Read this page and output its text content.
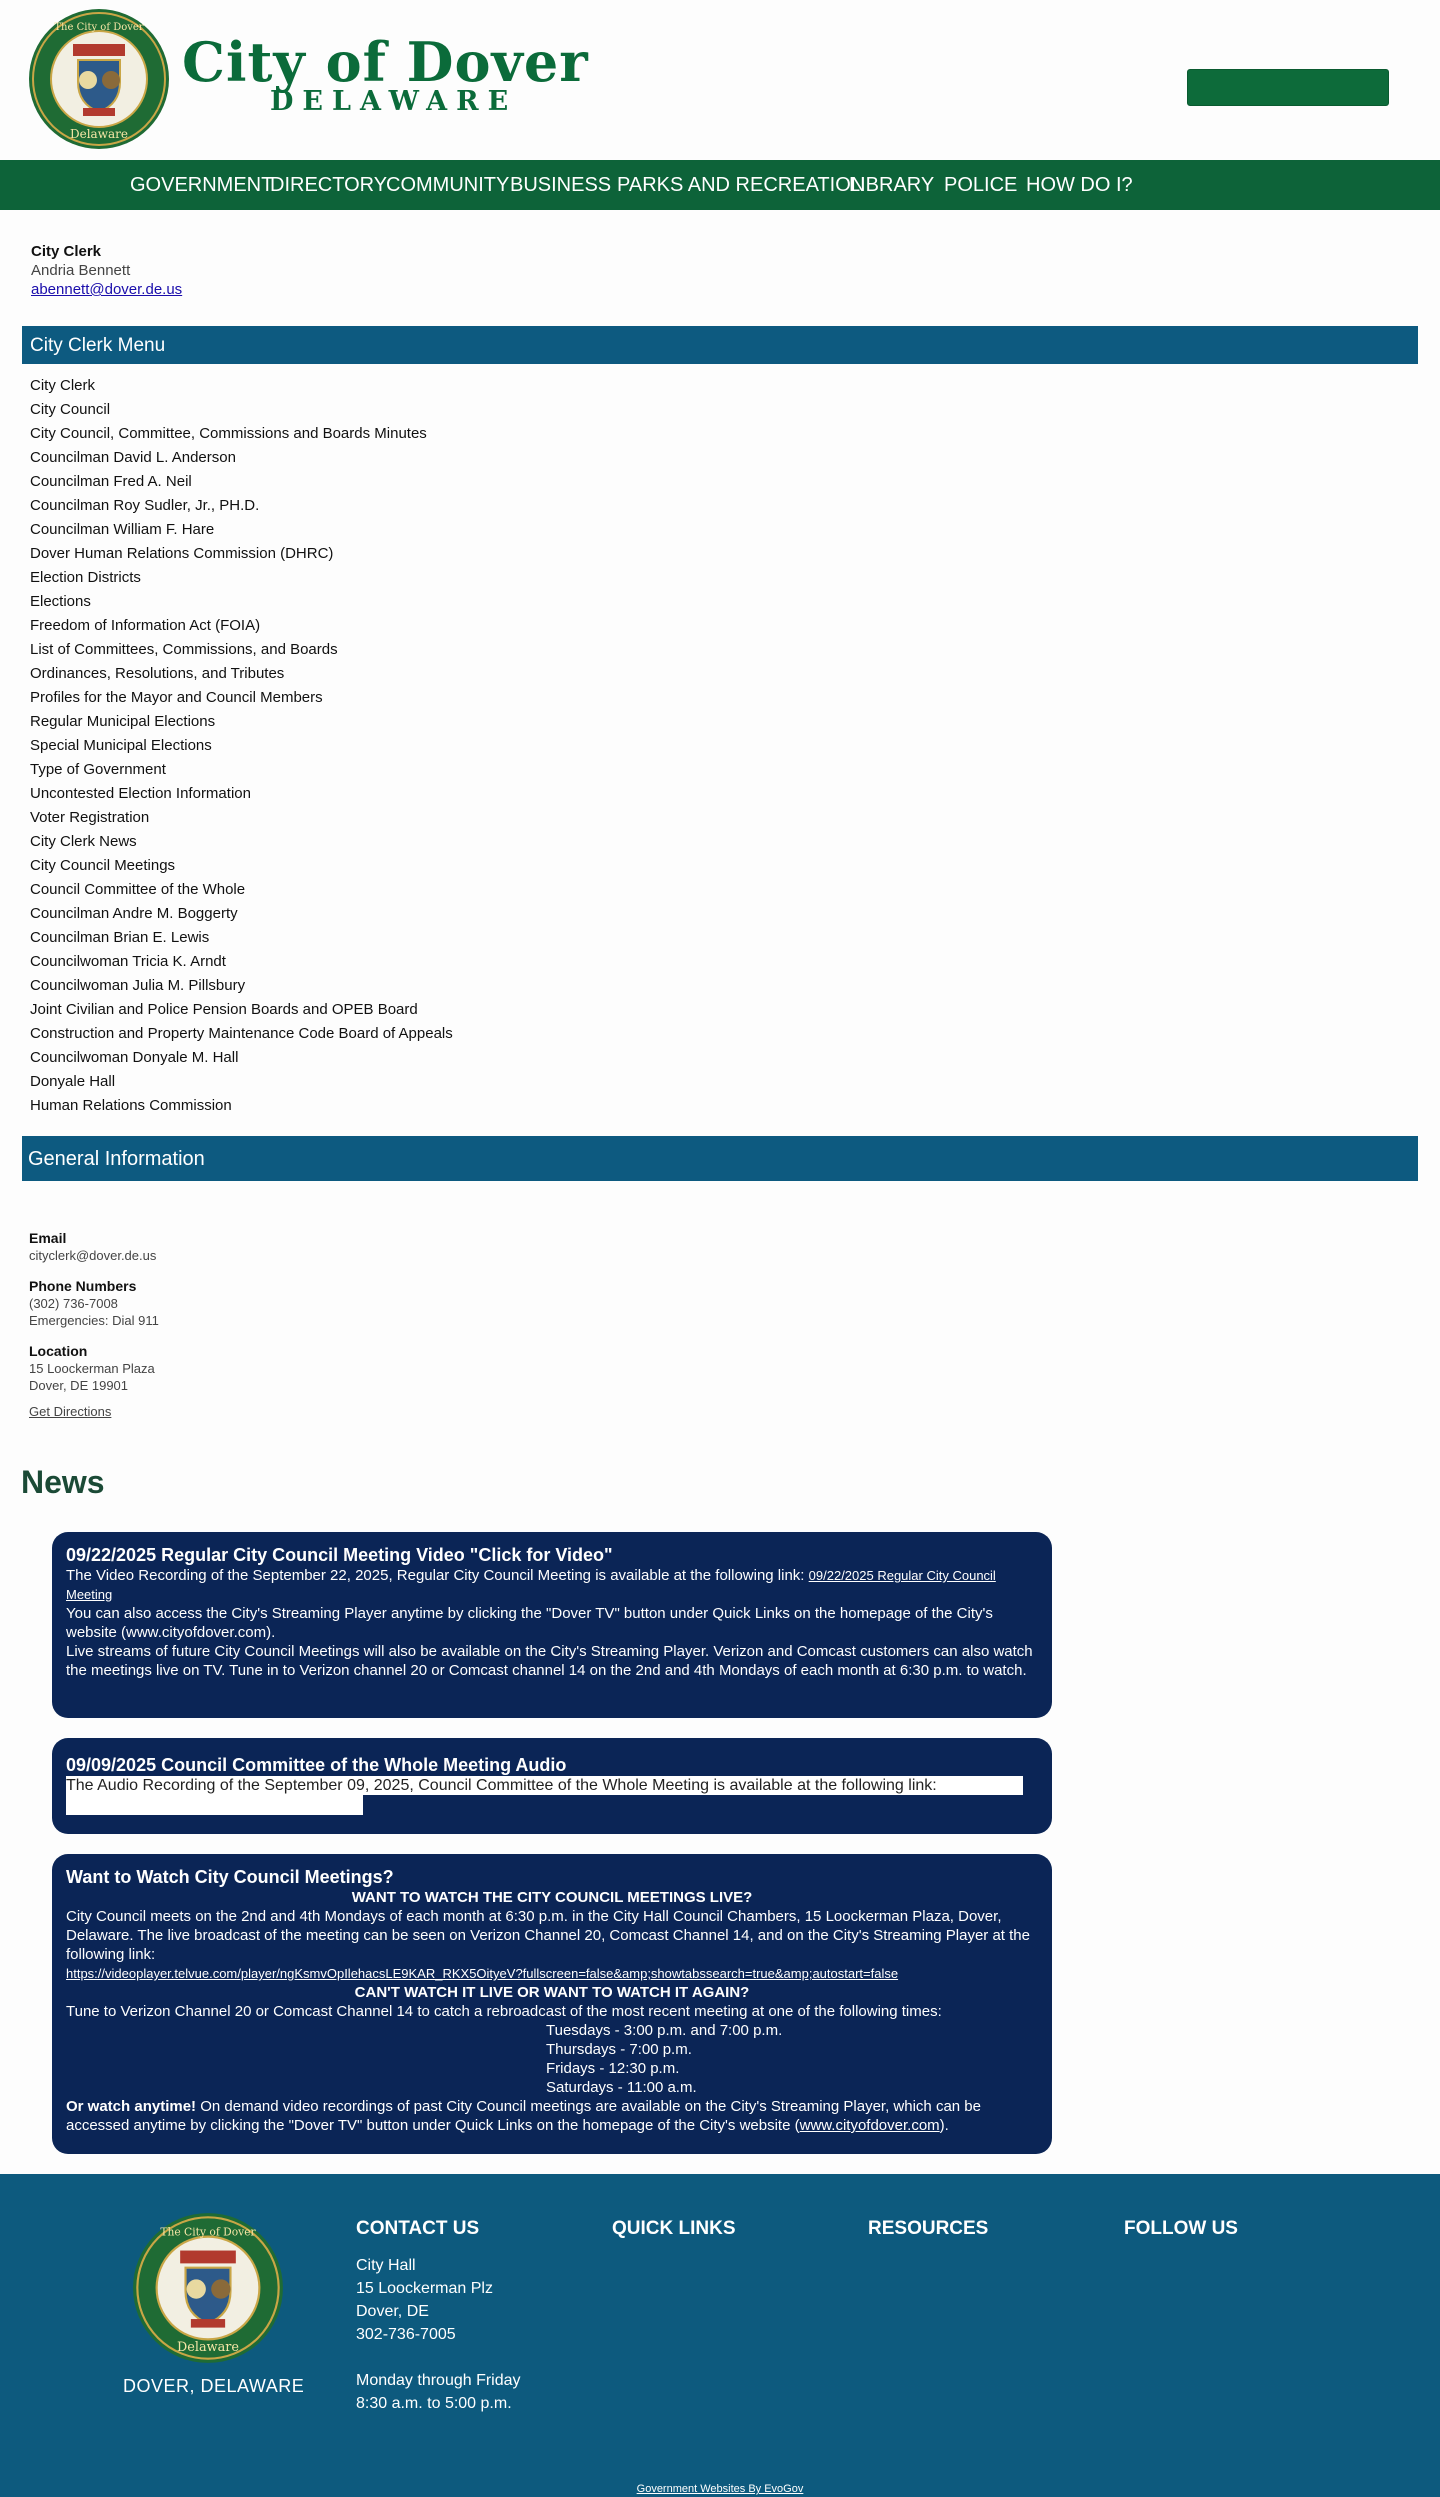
The City of Dover
Delaware
City of Dover
DELAWARE
GOVERNMENT
DIRECTORY
COMMUNITY BUSINESS PARKS AND RECREATION
LIBRARY POLICE HOW DO I?
City Clerk
Andria Bennett
abennett@dover.de.us
City Clerk Menu
City Clerk
City Council
City Council, Committee, Commissions and Boards Minutes
Councilman David L. Anderson
Councilman Fred A. Neil
Councilman Roy Sudler, Jr., PH.D.
Councilman William F. Hare
Dover Human Relations Commission (DHRC)
Election Districts
Elections
Freedom of Information Act (FOIA)
List of Committees, Commissions, and Boards
Ordinances, Resolutions, and Tributes
Profiles for the Mayor and Council Members
Regular Municipal Elections
Special Municipal Elections
Type of Government
Uncontested Election Information
Voter Registration
City Clerk News
City Council Meetings
Council Committee of the Whole
Councilman Andre M. Boggerty
Councilman Brian E. Lewis
Councilwoman Tricia K. Arndt
Councilwoman Julia M. Pillsbury
Joint Civilian and Police Pension Boards and OPEB Board
Construction and Property Maintenance Code Board of Appeals
Councilwoman Donyale M. Hall
Donyale Hall
Human Relations Commission
General Information
Email
cityclerk@dover.de.us
Phone Numbers
(302) 736-7008
Emergencies: Dial 911
Location
15 Loockerman Plaza
Dover, DE 19901
Get Directions
News
09/22/2025 Regular City Council Meeting Video "Click for Video"

The Video Recording of the September 22, 2025, Regular City Council Meeting is available at the following link: 09/22/2025 Regular City Council Meeting

You can also access the City's Streaming Player anytime by clicking the "Dover TV" button under Quick Links on the homepage of the City's website (www.cityofdover.com).

Live streams of future City Council Meetings will also be available on the City's Streaming Player. Verizon and Comcast customers can also watch the meetings live on TV. Tune in to Verizon channel 20 or Comcast channel 14 on the 2nd and 4th Mondays of each month at 6:30 p.m. to watch.

09/09/2025 Council Committee of the Whole Meeting Audio

The Audio Recording of the September 09, 2025, Council Committee of the Whole Meeting is available at the following link:

Want to Watch City Council Meetings?

WANT TO WATCH THE CITY COUNCIL MEETINGS LIVE?

City Council meets on the 2nd and 4th Mondays of each month at 6:30 p.m. in the City Hall Council Chambers, 15 Loockerman Plaza, Dover, Delaware. The live broadcast of the meeting can be seen on Verizon Channel 20, Comcast Channel 14, and on the City's Streaming Player at the following link:

https://videoplayer.telvue.com/player/ngKsmvOpIlehacsLE9KAR_RKX5OityeV?fullscreen=false&amp;showtabssearch=true&amp;autostart=false

CAN'T WATCH IT LIVE OR WANT TO WATCH IT AGAIN?

Tune to Verizon Channel 20 or Comcast Channel 14 to catch a rebroadcast of the most recent meeting at one of the following times:

Tuesdays - 3:00 p.m. and 7:00 p.m.

Thursdays - 7:00 p.m.

Fridays - 12:30 p.m.

Saturdays - 11:00 a.m.

Or watch anytime! On demand video recordings of past City Council meetings are available on the City's Streaming Player, which can be accessed anytime by clicking the "Dover TV" button under Quick Links on the homepage of the City's website (www.cityofdover.com).

The City of Dover
Delaware
DOVER, DELAWARE
CONTACT US	QUICK LINKS	RESOURCES	FOLLOW US
City Hall
15 Loockerman Plz
Dover, DE
302-736-7005
Monday through Friday
8:30 a.m. to 5:00 p.m.
Government Websites By EvoGov
